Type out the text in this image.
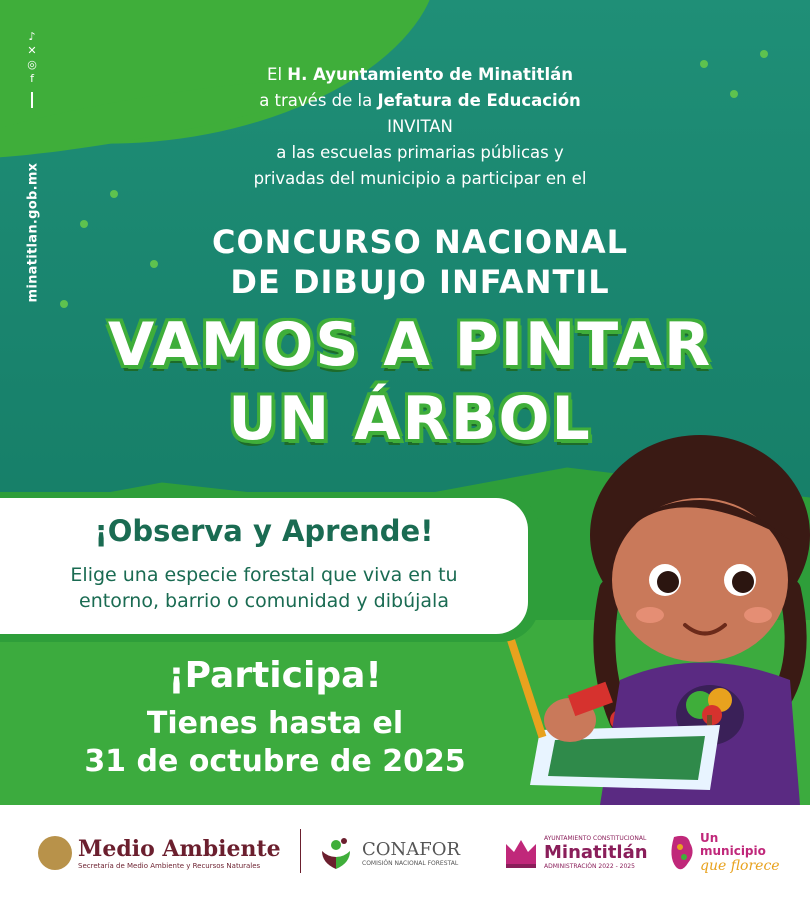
♪
✕
◎
f
minatitlan.gob.mx
El H. Ayuntamiento de Minatitlán
a través de la Jefatura de Educación
INVITAN
a las escuelas primarias públicas y
privadas del municipio a participar en el
CONCURSO NACIONAL
DE DIBUJO INFANTIL
VAMOS A PINTAR
UN ÁRBOL
¡Observa y Aprende!
Elige una especie forestal que viva en tu
entorno, barrio o comunidad y dibújala
¡Participa!
Tienes hasta el
31 de octubre de 2025
Medio Ambiente
Secretaría de Medio Ambiente y Recursos Naturales
CONAFOR
COMISIÓN NACIONAL FORESTAL
AYUNTAMIENTO CONSTITUCIONAL
Minatitlán
ADMINISTRACIÓN 2022 - 2025
Un
municipio
que florece
